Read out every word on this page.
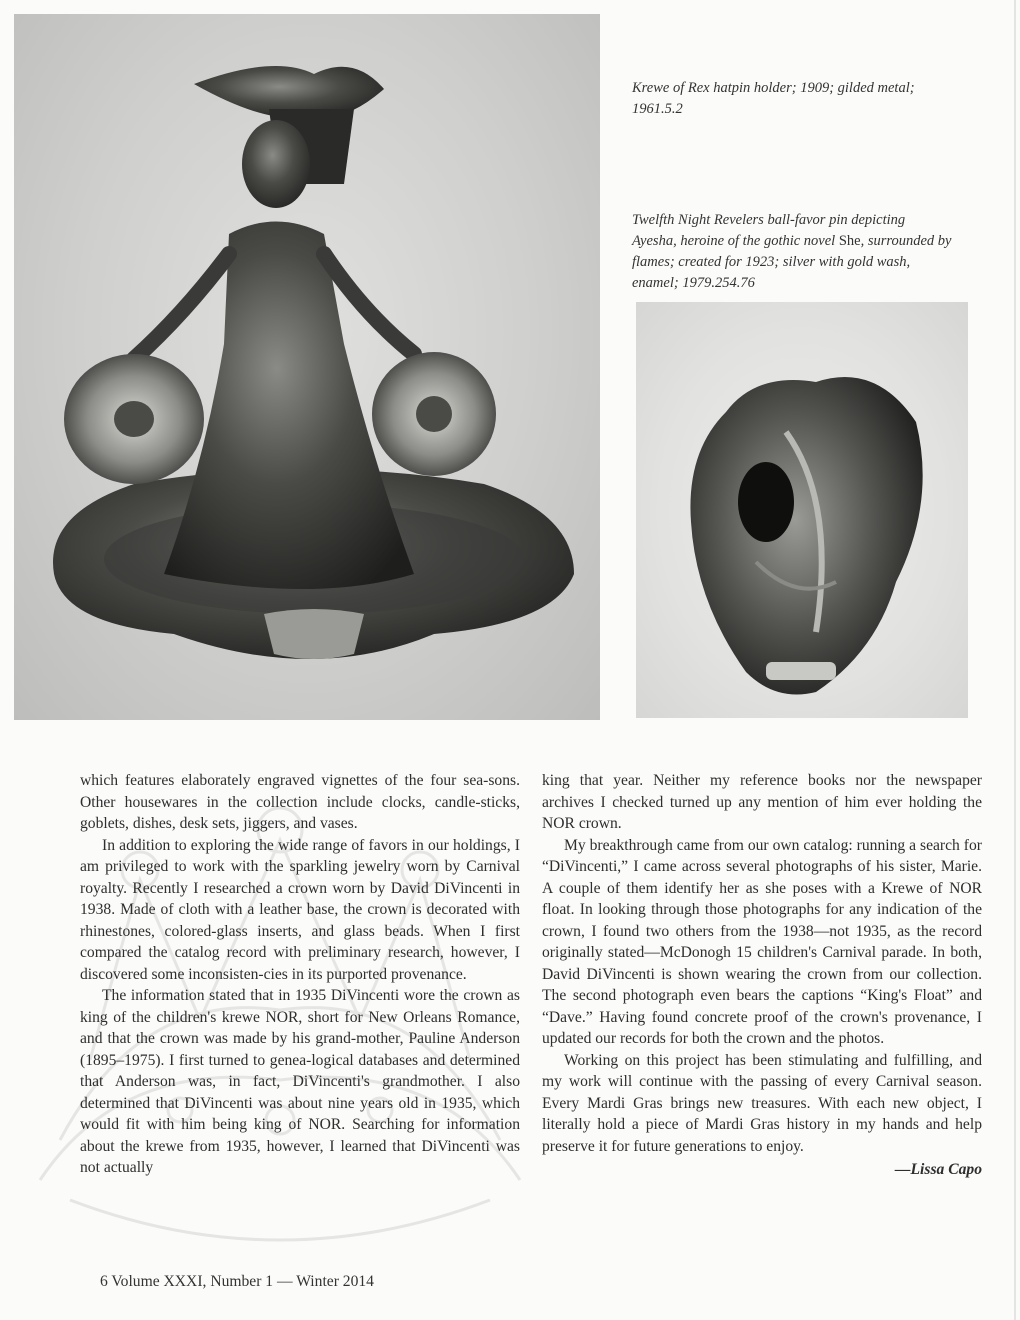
Krewe of Rex hatpin holder; 1909; gilded metal; 1961.5.2
Twelfth Night Revelers ball-favor pin depicting Ayesha, heroine of the gothic novel She, surrounded by flames; created for 1923; silver with gold wash, enamel; 1979.254.76

which features elaborately engraved vignettes of the four sea-sons. Other housewares in the collection include clocks, candle-sticks, goblets, dishes, desk sets, jiggers, and vases.

In addition to exploring the wide range of favors in our holdings, I am privileged to work with the sparkling jewelry worn by Carnival royalty. Recently I researched a crown worn by David DiVincenti in 1938. Made of cloth with a leather base, the crown is decorated with rhinestones, colored-glass inserts, and glass beads. When I first compared the catalog record with preliminary research, however, I discovered some inconsisten-cies in its purported provenance.

The information stated that in 1935 DiVincenti wore the crown as king of the children's krewe NOR, short for New Orleans Romance, and that the crown was made by his grand-mother, Pauline Anderson (1895–1975). I first turned to genea-logical databases and determined that Anderson was, in fact, DiVincenti's grandmother. I also determined that DiVincenti was about nine years old in 1935, which would fit with him being king of NOR. Searching for information about the krewe from 1935, however, I learned that DiVincenti was not actually

king that year. Neither my reference books nor the newspaper archives I checked turned up any mention of him ever holding the NOR crown.

My breakthrough came from our own catalog: running a search for “DiVincenti,” I came across several photographs of his sister, Marie. A couple of them identify her as she poses with a Krewe of NOR float. In looking through those photographs for any indication of the crown, I found two others from the 1938—not 1935, as the record originally stated—McDonogh 15 children's Carnival parade. In both, David DiVincenti is shown wearing the crown from our collection. The second photograph even bears the captions “King's Float” and “Dave.” Having found concrete proof of the crown's provenance, I updated our records for both the crown and the photos.

Working on this project has been stimulating and fulfilling, and my work will continue with the passing of every Carnival season. Every Mardi Gras brings new treasures. With each new object, I literally hold a piece of Mardi Gras history in my hands and help preserve it for future generations to enjoy.

—Lissa Capo
6 Volume XXXI, Number 1 — Winter 2014
